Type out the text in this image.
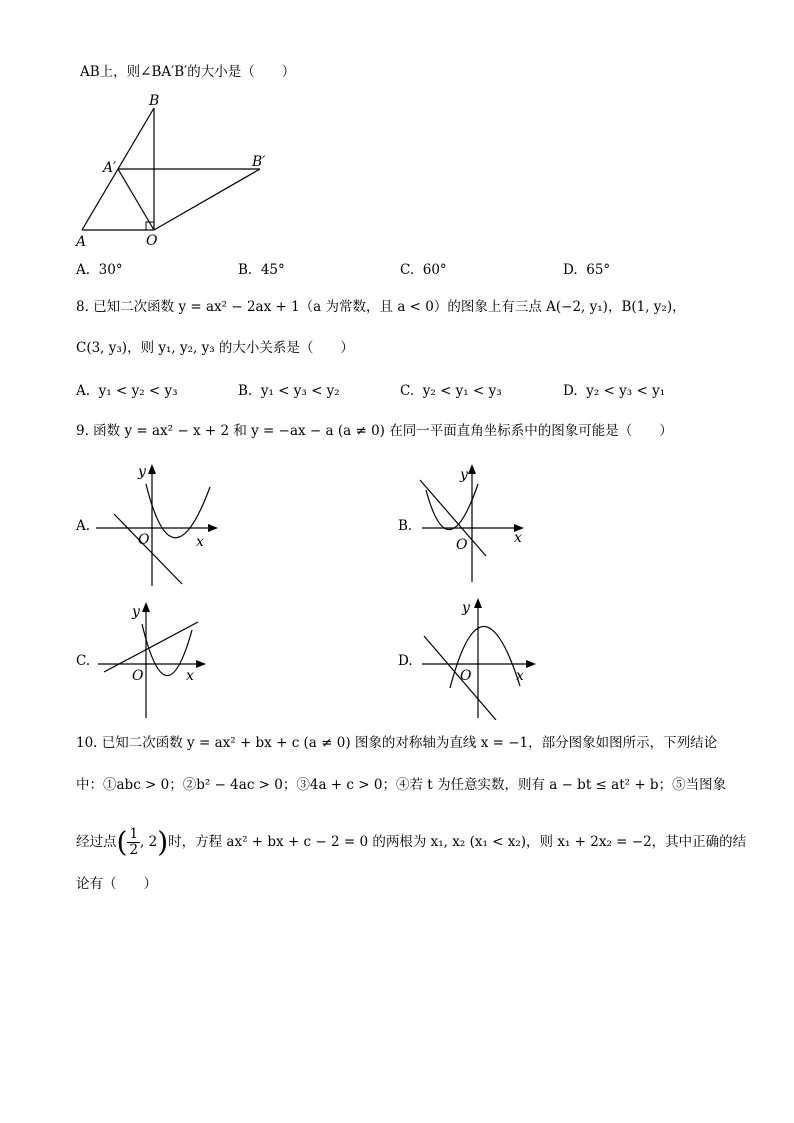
AB上，则∠BA′B′的大小是（　　）
A	O
B
A′	B′
A. 30°	B. 45°	C. 60°	D. 65°
8. 已知二次函数 y = ax² − 2ax + 1（a 为常数，且 a < 0）的图象上有三点 A(−2, y₁)，B(1, y₂)，
C(3, y₃)，则 y₁, y₂, y₃ 的大小关系是（　　）
A. y₁ < y₂ < y₃	B. y₁ < y₃ < y₂	C. y₂ < y₁ < y₃	D. y₂ < y₃ < y₁
9. 函数 y = ax² − x + 2 和 y = −ax − a (a ≠ 0) 在同一平面直角坐标系中的图象可能是（　　）
A.
y
O	x
B.
y
O	x
C.
y
O	x
D.
y
O	x
10. 已知二次函数 y = ax² + bx + c (a ≠ 0) 图象的对称轴为直线 x = −1，部分图象如图所示，下列结论
中：①abc > 0；②b² − 4ac > 0；③4a + c > 0；④若 t 为任意实数，则有 a − bt ≤ at² + b；⑤当图象
经过点( $\frac{1}{2}$ , 2)时，方程 ax² + bx + c − 2 = 0 的两根为 x₁, x₂ (x₁ < x₂)，则 x₁ + 2x₂ = −2，其中正确的结
论有（　　）
